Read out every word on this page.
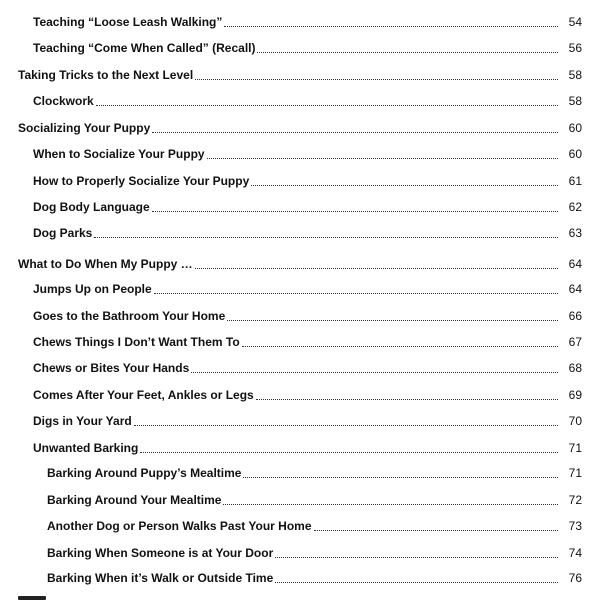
Teaching “Loose Leash Walking”	54
Teaching “Come When Called” (Recall)	56
Taking Tricks to the Next Level	58
Clockwork	58
Socializing Your Puppy	60
When to Socialize Your Puppy	60
How to Properly Socialize Your Puppy	61
Dog Body Language	62
Dog Parks	63
What to Do When My Puppy …	64
Jumps Up on People	64
Goes to the Bathroom Your Home	66
Chews Things I Don’t Want Them To	67
Chews or Bites Your Hands	68
Comes After Your Feet, Ankles or Legs	69
Digs in Your Yard	70
Unwanted Barking	71
Barking Around Puppy’s Mealtime	71
Barking Around Your Mealtime	72
Another Dog or Person Walks Past Your Home	73
Barking When Someone is at Your Door	74
Barking When it’s Walk or Outside Time	76
